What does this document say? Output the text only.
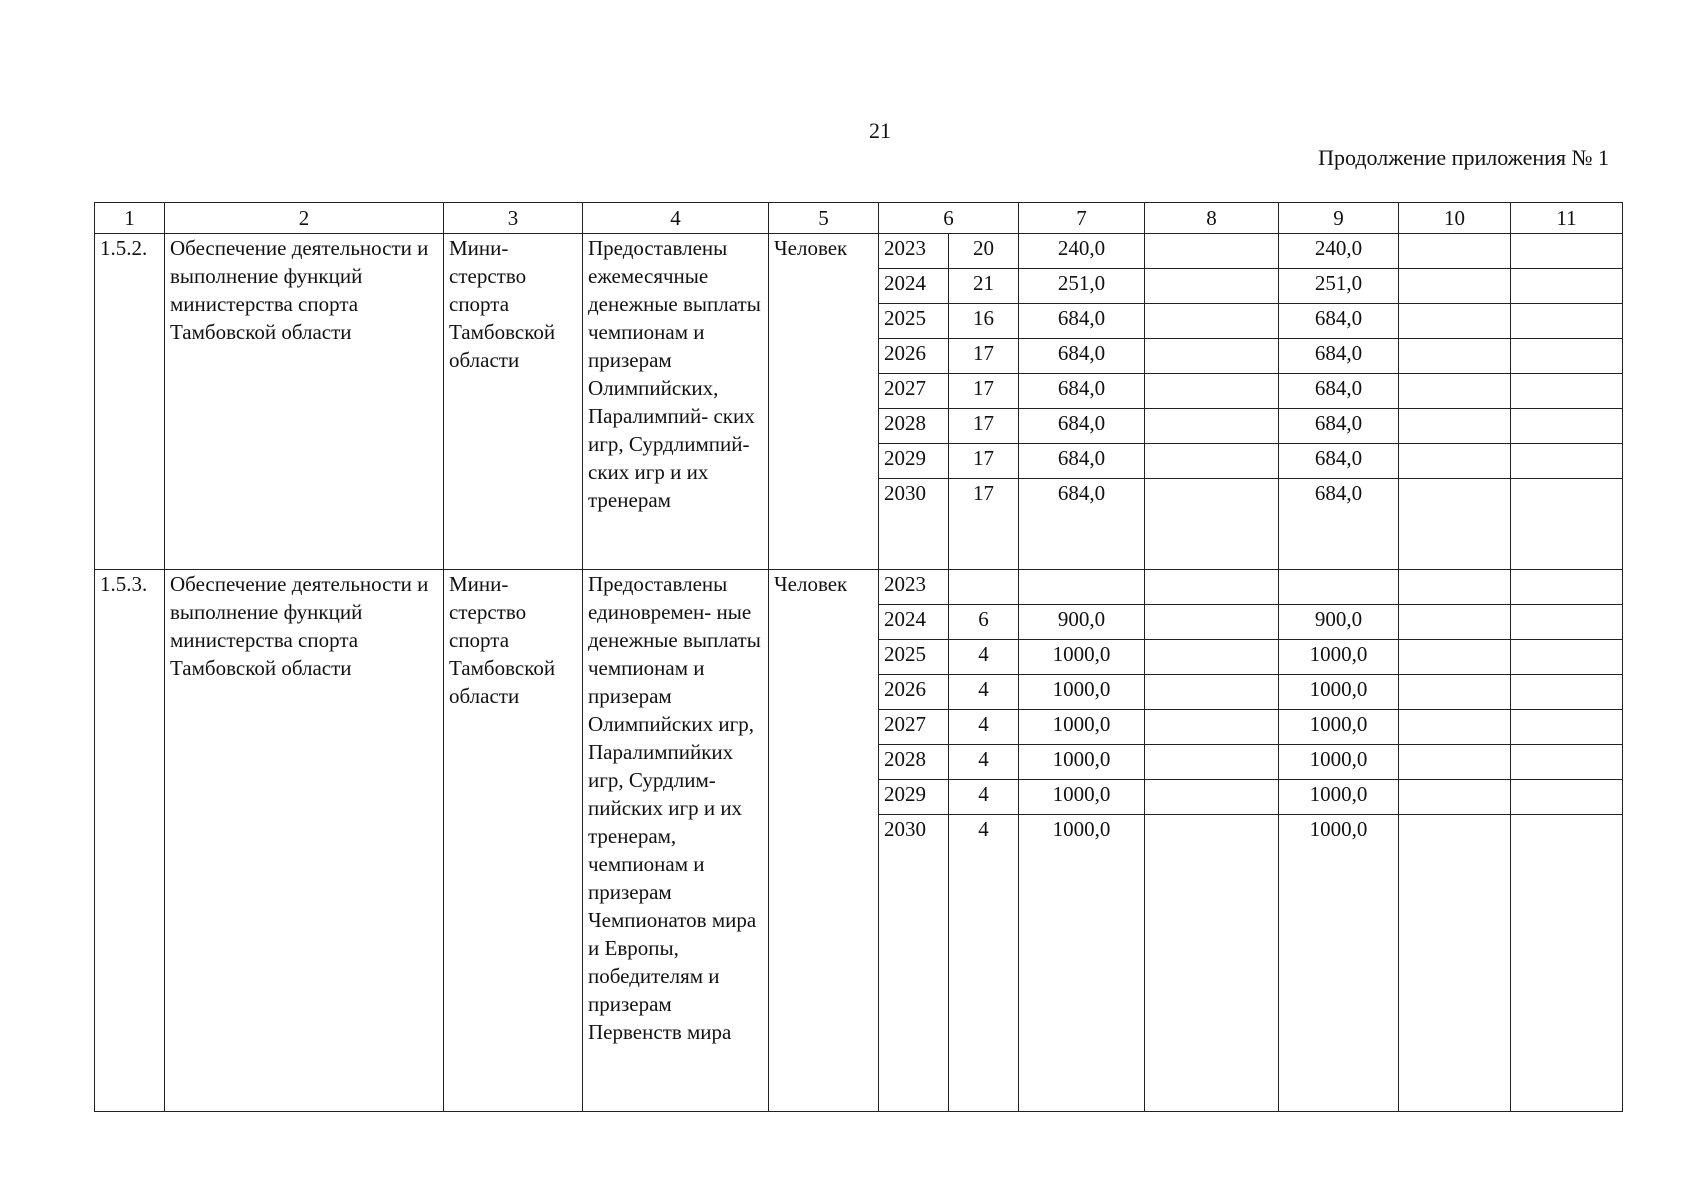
21
Продолжение приложения № 1
1	2	3	4	5	6		7	8	9	10	11
1.5.2.	Обеспечение деятельности и выполнение функций министерства спорта Тамбовской области	Мини- стерство спорта Тамбовской области	Предоставлены ежемесячные денежные выплаты чемпионам и призерам Олимпийских, Паралимпий- ских игр, Сурдлимпий- ских игр и их тренерам	Человек	2023	20	240,0		240,0		
					2024	21	251,0		251,0		
					2025	16	684,0		684,0		
					2026	17	684,0		684,0		
					2027	17	684,0		684,0		
					2028	17	684,0		684,0		
					2029	17	684,0		684,0		
					2030	17	684,0		684,0		
1.5.3.	Обеспечение деятельности и выполнение функций министерства спорта Тамбовской области	Мини- стерство спорта Тамбовской области	Предоставлены единовремен- ные денежные выплаты чемпионам и призерам Олимпийских игр, Паралимпийких игр, Сурдлим- пийских игр и их тренерам, чемпионам и призерам Чемпионатов мира и Европы, победителям и призерам Первенств мира	Человек	2023						
					2024	6	900,0		900,0		
					2025	4	1000,0		1000,0		
					2026	4	1000,0		1000,0		
					2027	4	1000,0		1000,0		
					2028	4	1000,0		1000,0		
					2029	4	1000,0		1000,0		
					2030	4	1000,0		1000,0		
